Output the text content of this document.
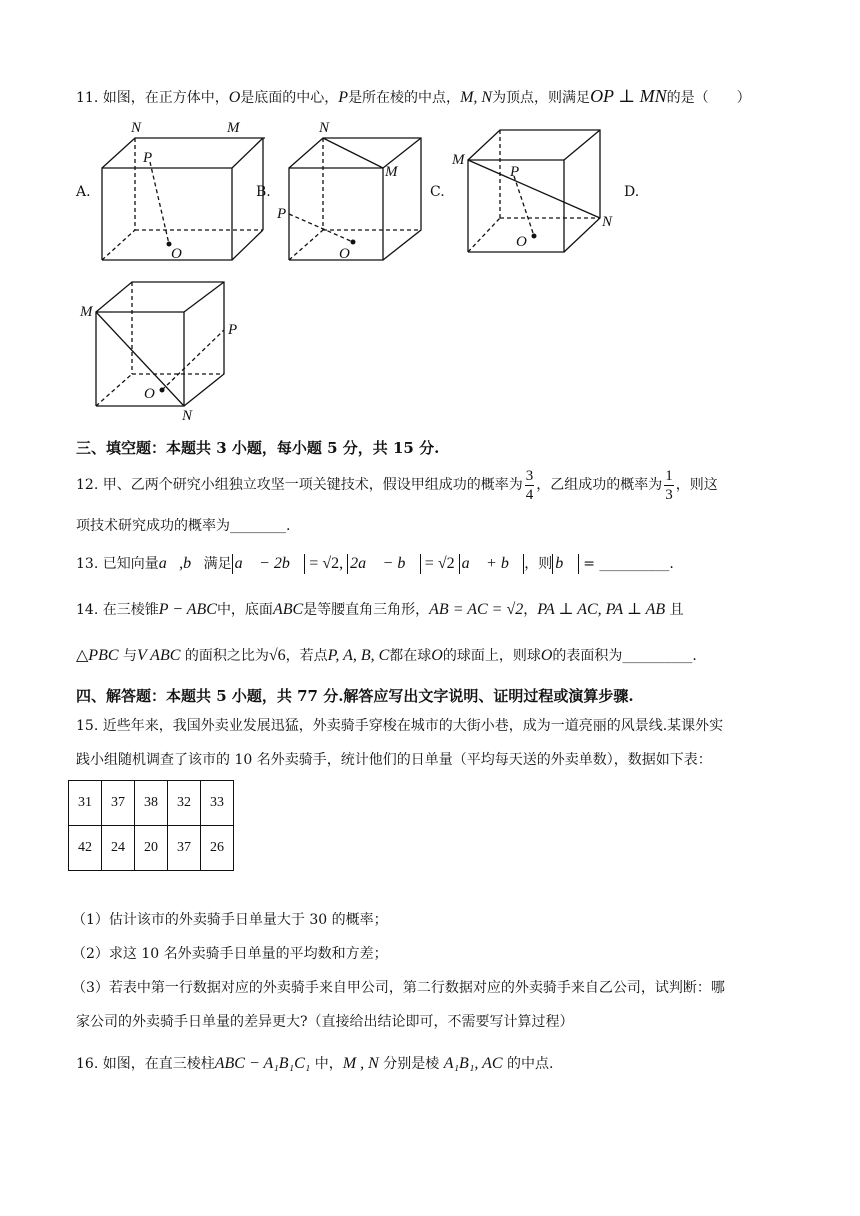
11. 如图，在正方体中，O是底面的中心，P是所在棱的中点，M, N为顶点，则满足OP ⊥ MN的是（　　）
A.	B.	C.	D.
N	M
P
O
N
M
P
O
M
N
P
O
M
N
P
O
三、填空题：本题共 3 小题，每小题 5 分，共 15 分.
12. 甲、乙两个研究小组独立攻坚一项关键技术，假设甲组成功的概率为 $\frac{3}{4}$ ，乙组成功的概率为 $\frac{1}{3}$ ，则这
项技术研究成功的概率为________.
13. 已知向量a⃗,b⃗满足 a⃗ − 2b⃗ = √2, 2a⃗ − b⃗ = √2 a⃗ + b⃗ ，则 b⃗ = __________.
14. 在三棱锥P − ABC中，底面ABC是等腰直角三角形，AB = AC = √2，PA ⊥ AC, PA ⊥ AB 且
△PBC 与V ABC 的面积之比为√6，若点P, A, B, C都在球O的球面上，则球O的表面积为__________.
四、解答题：本题共 5 小题，共 77 分.解答应写出文字说明、证明过程或演算步骤.
15. 近些年来，我国外卖业发展迅猛，外卖骑手穿梭在城市的大街小巷，成为一道亮丽的风景线.某课外实
践小组随机调查了该市的 10 名外卖骑手，统计他们的日单量（平均每天送的外卖单数），数据如下表：
31	37	38	32	33
42	24	20	37	26
（1）估计该市的外卖骑手日单量大于 30 的概率；
（2）求这 10 名外卖骑手日单量的平均数和方差；
（3）若表中第一行数据对应的外卖骑手来自甲公司，第二行数据对应的外卖骑手来自乙公司，试判断：哪
家公司的外卖骑手日单量的差异更大?（直接给出结论即可，不需要写计算过程）
16. 如图，在直三棱柱ABC − A₁B₁C₁ 中，M , N 分别是棱 A₁B₁, AC 的中点.
